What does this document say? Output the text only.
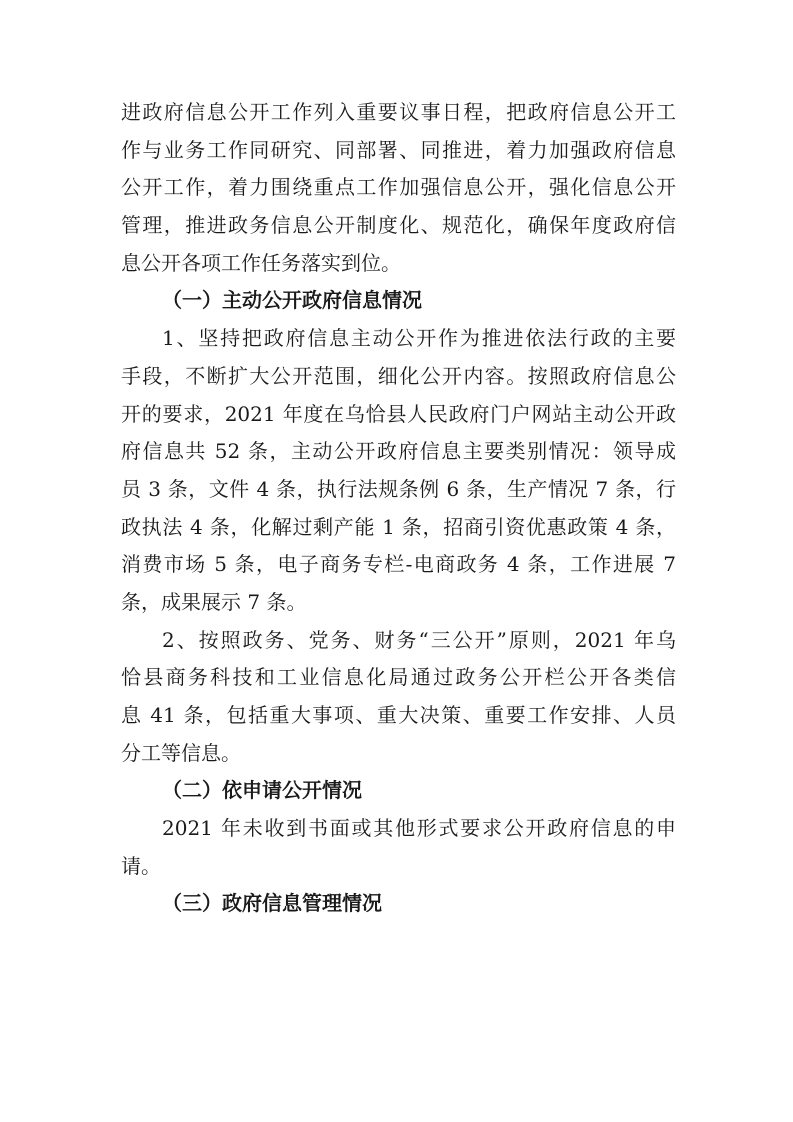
进政府信息公开工作列入重要议事日程，把政府信息公开工
作与业务工作同研究、同部署、同推进，着力加强政府信息
公开工作，着力围绕重点工作加强信息公开，强化信息公开
管理，推进政务信息公开制度化、规范化，确保年度政府信
息公开各项工作任务落实到位。
（一）主动公开政府信息情况
1、坚持把政府信息主动公开作为推进依法行政的主要
手段，不断扩大公开范围，细化公开内容。按照政府信息公
开的要求，2021 年度在乌恰县人民政府门户网站主动公开政
府信息共 52 条，主动公开政府信息主要类别情况：领导成
员 3 条，文件 4 条，执行法规条例 6 条，生产情况 7 条，行
政执法 4 条，化解过剩产能 1 条，招商引资优惠政策 4 条，
消费市场 5 条，电子商务专栏-电商政务 4 条，工作进展 7
条，成果展示 7 条。
2、按照政务、党务、财务“三公开”原则，2021 年乌
恰县商务科技和工业信息化局通过政务公开栏公开各类信
息 41 条，包括重大事项、重大决策、重要工作安排、人员
分工等信息。
（二）依申请公开情况
2021 年未收到书面或其他形式要求公开政府信息的申
请。
（三）政府信息管理情况
